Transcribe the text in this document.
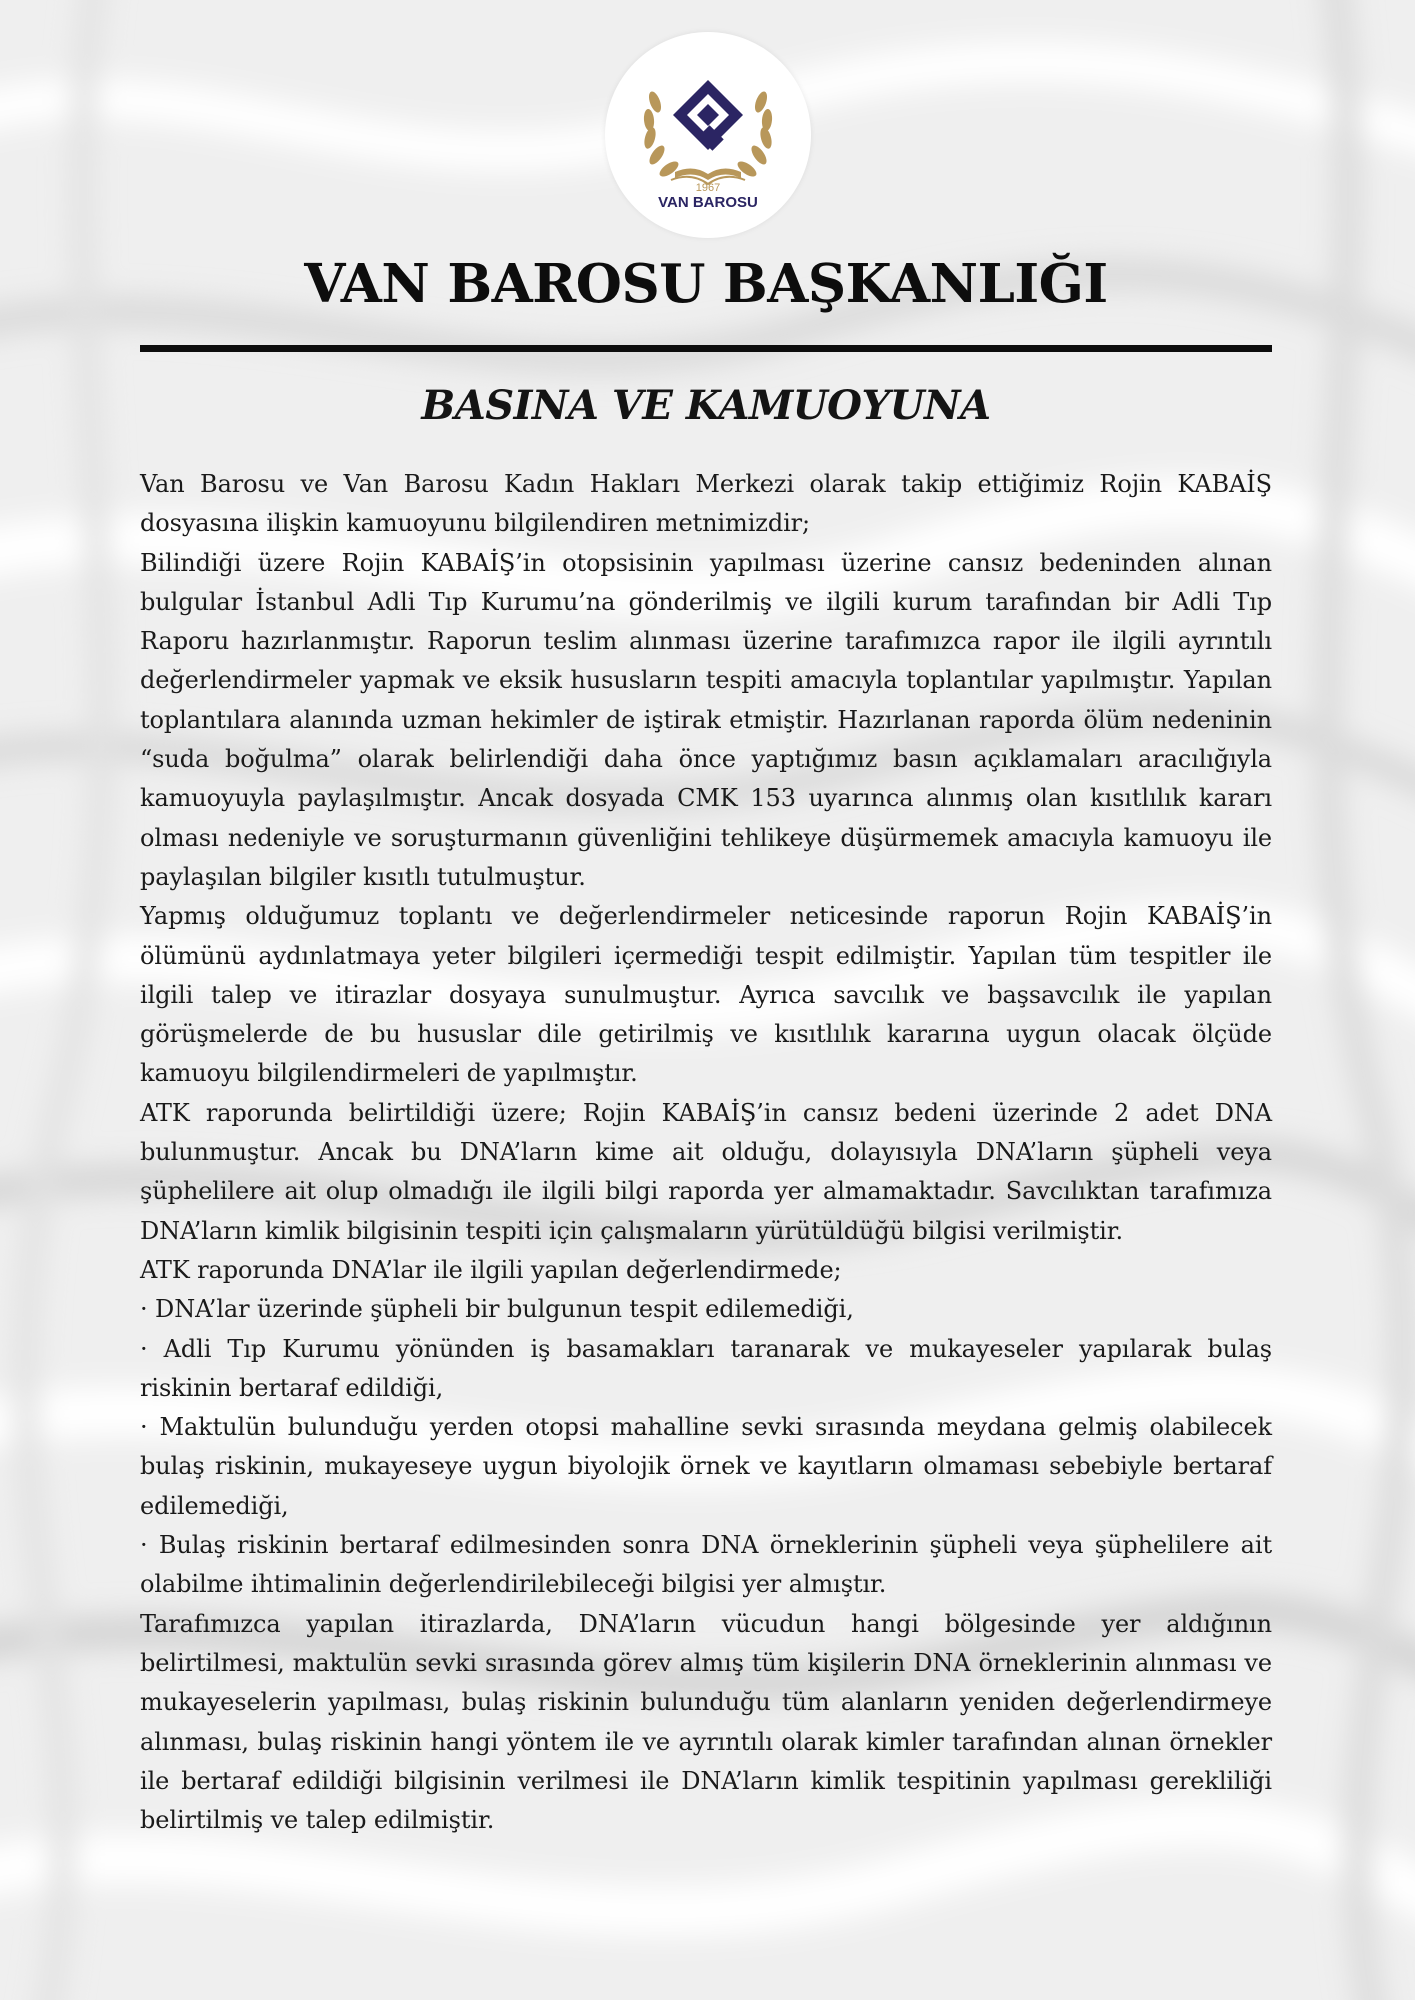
1967
VAN BAROSU
VAN BAROSU BAŞKANLIĞI
BASINA VE KAMUOYUNA

Van Barosu ve Van Barosu Kadın Hakları Merkezi olarak takip ettiğimiz Rojin KABAİŞ dosyasına ilişkin kamuoyunu bilgilendiren metnimizdir;

Bilindiği üzere Rojin KABAİŞ’in otopsisinin yapılması üzerine cansız bedeninden alınan bulgular İstanbul Adli Tıp Kurumu’na gönderilmiş ve ilgili kurum tarafından bir Adli Tıp Raporu hazırlanmıştır. Raporun teslim alınması üzerine tarafımızca rapor ile ilgili ayrıntılı değerlendirmeler yapmak ve eksik hususların tespiti amacıyla toplantılar yapılmıştır. Yapılan toplantılara alanında uzman hekimler de iştirak etmiştir. Hazırlanan raporda ölüm nedeninin “suda boğulma” olarak belirlendiği daha önce yaptığımız basın açıklamaları aracılığıyla kamuoyuyla paylaşılmıştır. Ancak dosyada CMK 153 uyarınca alınmış olan kısıtlılık kararı olması nedeniyle ve soruşturmanın güvenliğini tehlikeye düşürmemek amacıyla kamuoyu ile paylaşılan bilgiler kısıtlı tutulmuştur.

Yapmış olduğumuz toplantı ve değerlendirmeler neticesinde raporun Rojin KABAİŞ’in ölümünü aydınlatmaya yeter bilgileri içermediği tespit edilmiştir. Yapılan tüm tespitler ile ilgili talep ve itirazlar dosyaya sunulmuştur. Ayrıca savcılık ve başsavcılık ile yapılan görüşmelerde de bu hususlar dile getirilmiş ve kısıtlılık kararına uygun olacak ölçüde kamuoyu bilgilendirmeleri de yapılmıştır.

ATK raporunda belirtildiği üzere; Rojin KABAİŞ’in cansız bedeni üzerinde 2 adet DNA bulunmuştur. Ancak bu DNA’ların kime ait olduğu, dolayısıyla DNA’ların şüpheli veya şüphelilere ait olup olmadığı ile ilgili bilgi raporda yer almamaktadır. Savcılıktan tarafımıza DNA’ların kimlik bilgisinin tespiti için çalışmaların yürütüldüğü bilgisi verilmiştir.

ATK raporunda DNA’lar ile ilgili yapılan değerlendirmede;

· DNA’lar üzerinde şüpheli bir bulgunun tespit edilemediği,

· Adli Tıp Kurumu yönünden iş basamakları taranarak ve mukayeseler yapılarak bulaş riskinin bertaraf edildiği,

· Maktulün bulunduğu yerden otopsi mahalline sevki sırasında meydana gelmiş olabilecek bulaş riskinin, mukayeseye uygun biyolojik örnek ve kayıtların olmaması sebebiyle bertaraf edilemediği,

· Bulaş riskinin bertaraf edilmesinden sonra DNA örneklerinin şüpheli veya şüphelilere ait olabilme ihtimalinin değerlendirilebileceği bilgisi yer almıştır.

Tarafımızca yapılan itirazlarda, DNA’ların vücudun hangi bölgesinde yer aldığının belirtilmesi, maktulün sevki sırasında görev almış tüm kişilerin DNA örneklerinin alınması ve mukayeselerin yapılması, bulaş riskinin bulunduğu tüm alanların yeniden değerlendirmeye alınması, bulaş riskinin hangi yöntem ile ve ayrıntılı olarak kimler tarafından alınan örnekler ile bertaraf edildiği bilgisinin verilmesi ile DNA’ların kimlik tespitinin yapılması gerekliliği belirtilmiş ve talep edilmiştir.
